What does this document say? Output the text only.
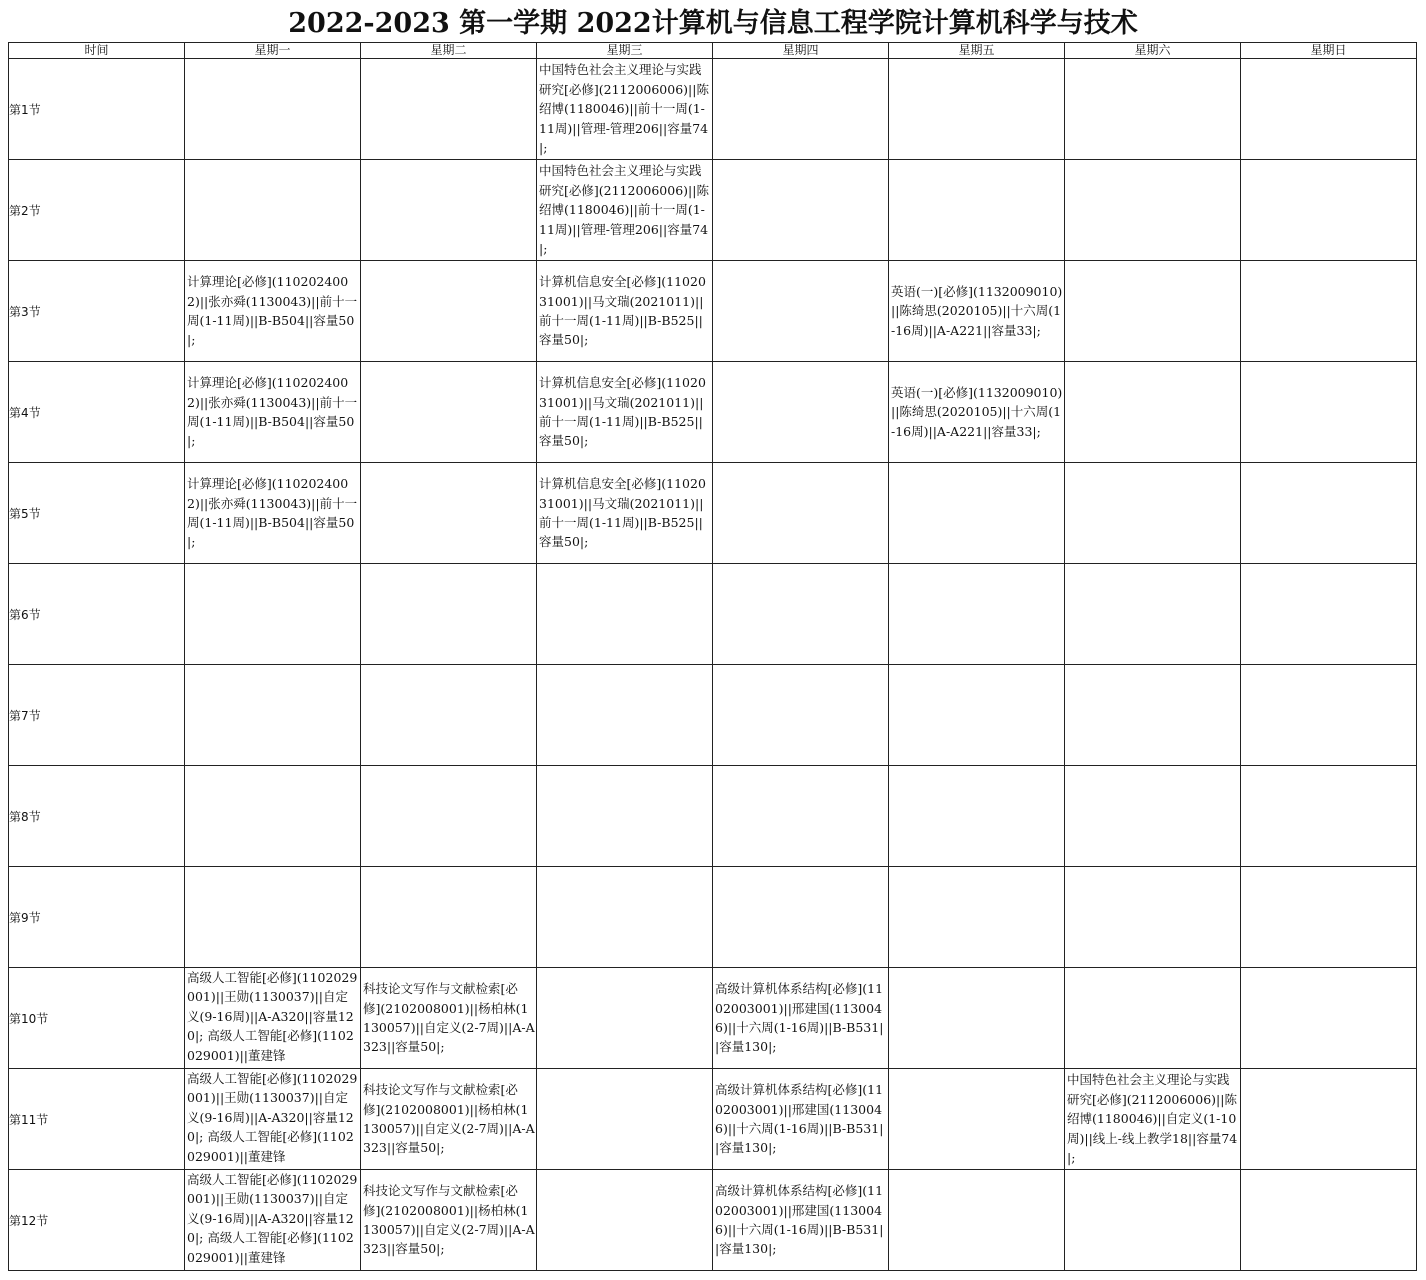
2022-2023 第一学期 2022计算机与信息工程学院计算机科学与技术
时间	星期一	星期二	星期三	星期四	星期五	星期六	星期日
第1节			中国特色社会主义理论与实践研究[必修](2112006006)||陈绍博(1180046)||前十一周(1-11周)||管理-管理206||容量74|;				

第2节			中国特色社会主义理论与实践研究[必修](2112006006)||陈绍博(1180046)||前十一周(1-11周)||管理-管理206||容量74|;				

第3节	计算理论[必修](1102024002)||张亦舜(1130043)||前十一周(1-11周)||B-B504||容量50|;		计算机信息安全[必修](1102031001)||马文瑞(2021011)||前十一周(1-11周)||B-B525||容量50|;		英语(一)[必修](1132009010)||陈绮思(2020105)||十六周(1-16周)||A-A221||容量33|;		

第4节	计算理论[必修](1102024002)||张亦舜(1130043)||前十一周(1-11周)||B-B504||容量50|;		计算机信息安全[必修](1102031001)||马文瑞(2021011)||前十一周(1-11周)||B-B525||容量50|;		英语(一)[必修](1132009010)||陈绮思(2020105)||十六周(1-16周)||A-A221||容量33|;		

第5节	计算理论[必修](1102024002)||张亦舜(1130043)||前十一周(1-11周)||B-B504||容量50|;		计算机信息安全[必修](1102031001)||马文瑞(2021011)||前十一周(1-11周)||B-B525||容量50|;				

第6节	

第7节	

第8节	

第9节	

第10节	高级人工智能[必修](1102029001)||王勋(1130037)||自定义(9-16周)||A-A320||容量120|; 高级人工智能[必修](1102029001)||董建锋	科技论文写作与文献检索[必修](2102008001)||杨柏林(1130057)||自定义(2-7周)||A-A323||容量50|;		高级计算机体系结构[必修](1102003001)||邢建国(1130046)||十六周(1-16周)||B-B531||容量130|;			

第11节	高级人工智能[必修](1102029001)||王勋(1130037)||自定义(9-16周)||A-A320||容量120|; 高级人工智能[必修](1102029001)||董建锋	科技论文写作与文献检索[必修](2102008001)||杨柏林(1130057)||自定义(2-7周)||A-A323||容量50|;		高级计算机体系结构[必修](1102003001)||邢建国(1130046)||十六周(1-16周)||B-B531||容量130|;		中国特色社会主义理论与实践研究[必修](2112006006)||陈绍博(1180046)||自定义(1-10周)||线上-线上教学18||容量74|;	

第12节	高级人工智能[必修](1102029001)||王勋(1130037)||自定义(9-16周)||A-A320||容量120|; 高级人工智能[必修](1102029001)||董建锋	科技论文写作与文献检索[必修](2102008001)||杨柏林(1130057)||自定义(2-7周)||A-A323||容量50|;		高级计算机体系结构[必修](1102003001)||邢建国(1130046)||十六周(1-16周)||B-B531||容量130|;			
